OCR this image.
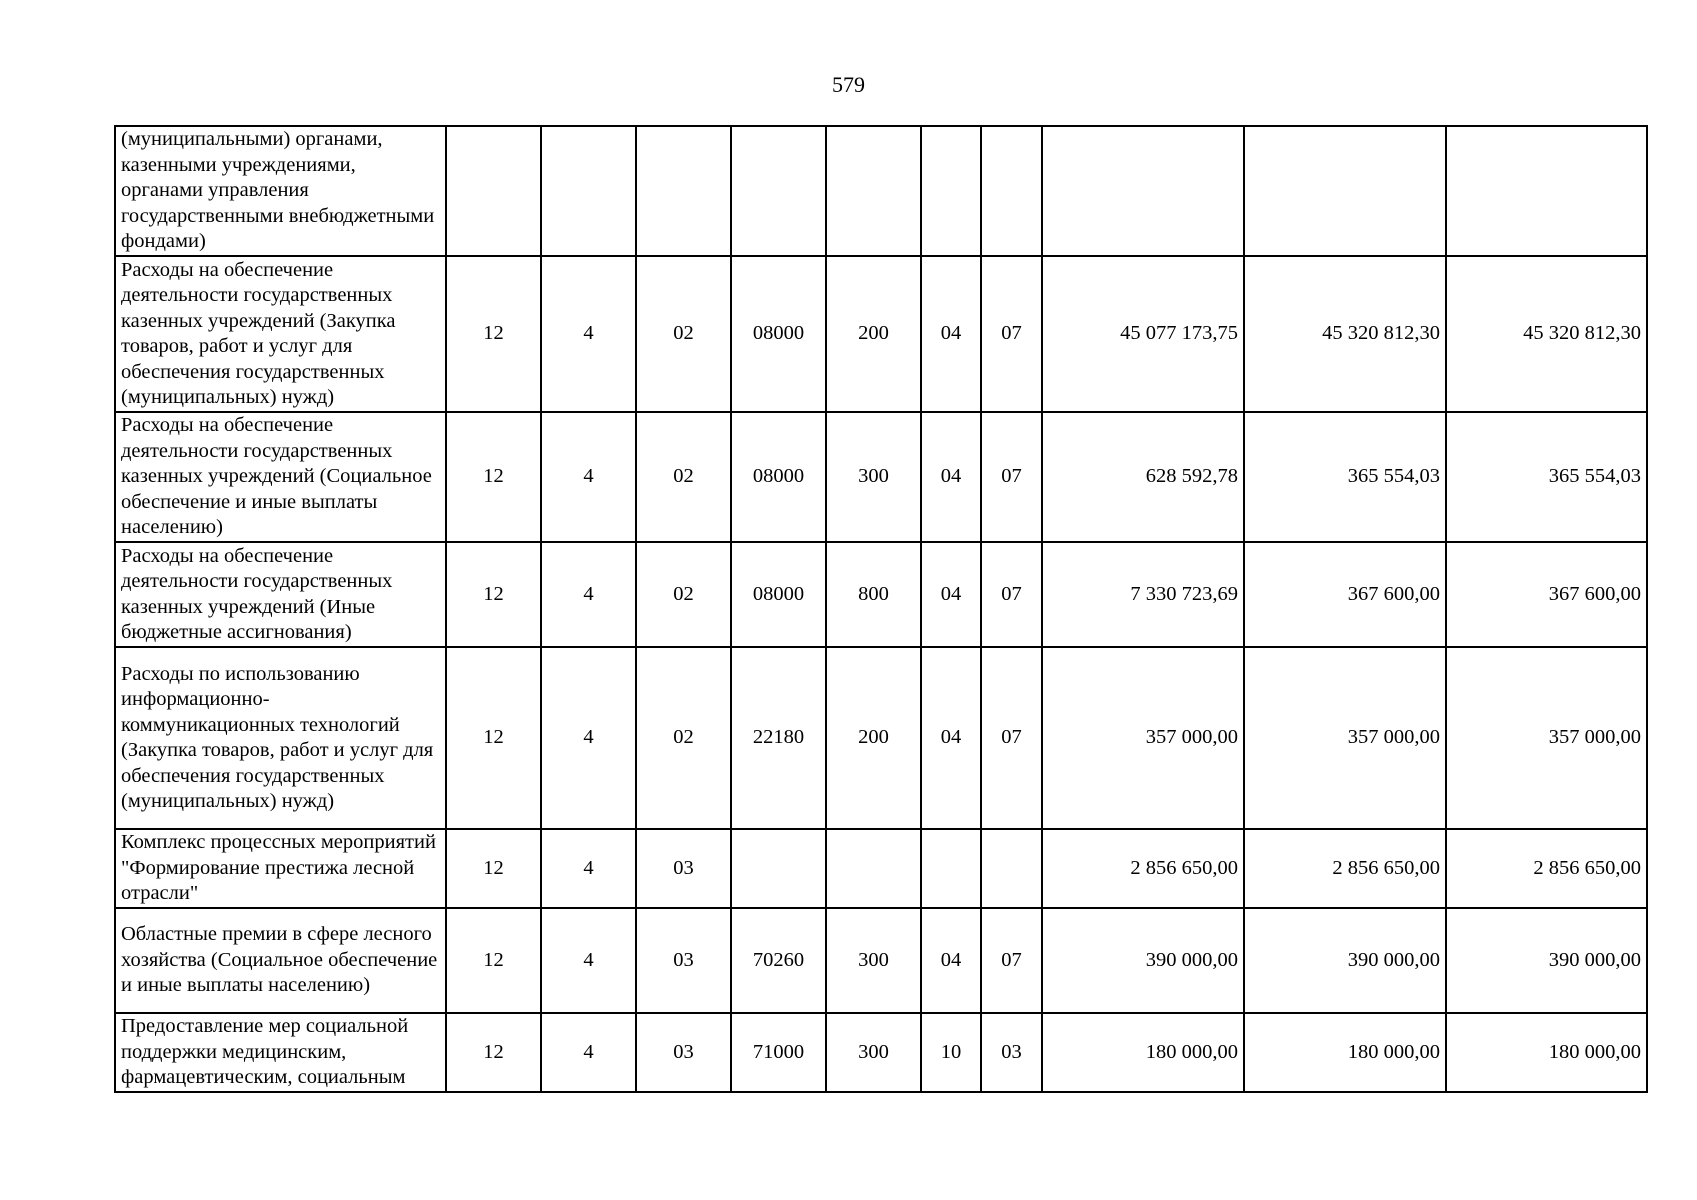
579
(муниципальными) органами, казенными учреждениями, органами управления государственными внебюджетными фондами)										
Расходы на обеспечение деятельности государственных казенных учреждений (Закупка товаров, работ и услуг для обеспечения государственных (муниципальных) нужд)	12	4	02	08000	200	04	07	45 077 173,75	45 320 812,30	45 320 812,30
Расходы на обеспечение деятельности государственных казенных учреждений (Социальное обеспечение и иные выплаты населению)	12	4	02	08000	300	04	07	628 592,78	365 554,03	365 554,03
Расходы на обеспечение деятельности государственных казенных учреждений (Иные бюджетные ассигнования)	12	4	02	08000	800	04	07	7 330 723,69	367 600,00	367 600,00
Расходы по использованию информационно-коммуникационных технологий (Закупка товаров, работ и услуг для обеспечения государственных (муниципальных) нужд)	12	4	02	22180	200	04	07	357 000,00	357 000,00	357 000,00
Комплекс процессных мероприятий "Формирование престижа лесной отрасли"	12	4	03					2 856 650,00	2 856 650,00	2 856 650,00
Областные премии в сфере лесного хозяйства (Социальное обеспечение и иные выплаты населению)	12	4	03	70260	300	04	07	390 000,00	390 000,00	390 000,00
Предоставление мер социальной поддержки медицинским, фармацевтическим, социальным	12	4	03	71000	300	10	03	180 000,00	180 000,00	180 000,00
